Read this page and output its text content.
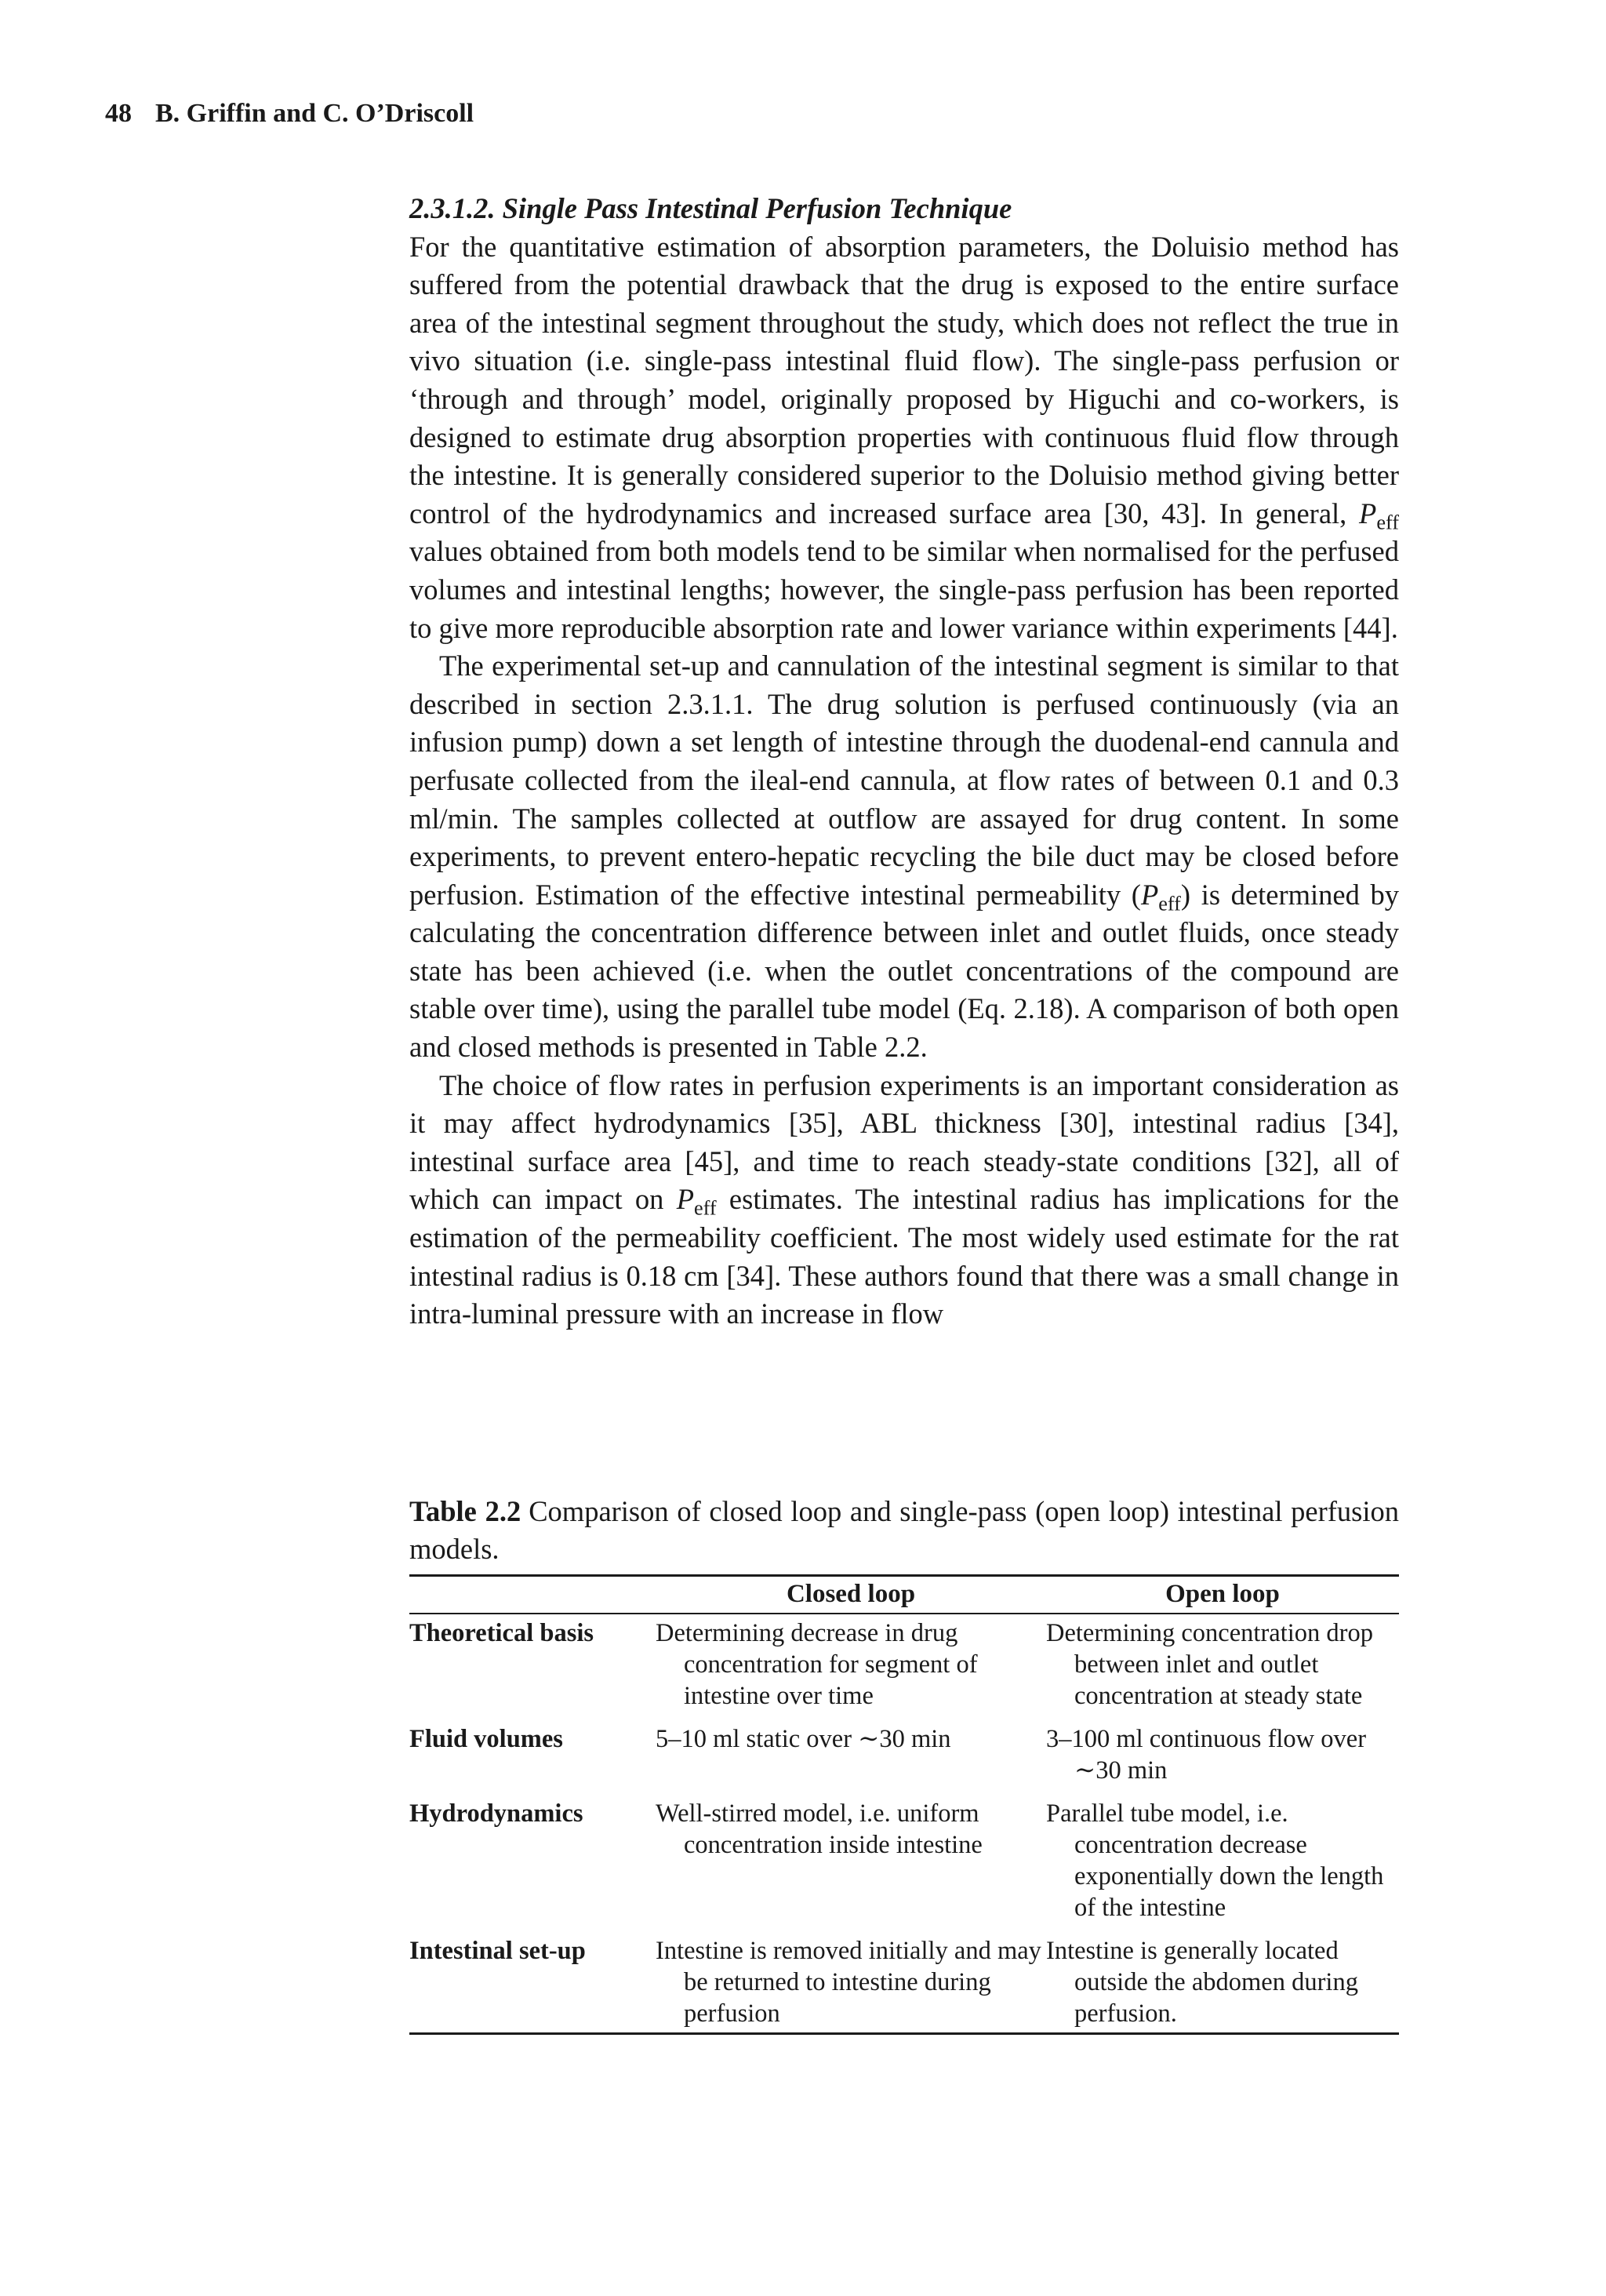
48 B. Griffin and C. O’Driscoll
2.3.1.2. Single Pass Intestinal Perfusion Technique

For the quantitative estimation of absorption parameters, the Doluisio method has suffered from the potential drawback that the drug is exposed to the entire surface area of the intestinal segment throughout the study, which does not reflect the true in vivo situation (i.e. single-pass intestinal fluid flow). The single-pass perfusion or ‘through and through’ model, originally proposed by Higuchi and co-workers, is designed to estimate drug absorption properties with continuous fluid flow through the intestine. It is generally considered superior to the Doluisio method giving better control of the hydrodynamics and increased surface area [30, 43]. In general, $P_{eff}$ values obtained from both models tend to be similar when normalised for the perfused volumes and intestinal lengths; however, the single-pass perfusion has been reported to give more reproducible absorption rate and lower variance within experiments [44].

The experimental set-up and cannulation of the intestinal segment is similar to that described in section 2.3.1.1. The drug solution is perfused continuously (via an infusion pump) down a set length of intestine through the duodenal-end cannula and perfusate collected from the ileal-end cannula, at flow rates of between 0.1 and 0.3 ml/min. The samples collected at outflow are assayed for drug content. In some experiments, to prevent entero-hepatic recycling the bile duct may be closed before perfusion. Estimation of the effective intestinal permeability $(P_{eff})$ is determined by calculating the concentration difference between inlet and outlet fluids, once steady state has been achieved (i.e. when the outlet concentrations of the compound are stable over time), using the parallel tube model (Eq. 2.18). A comparison of both open and closed methods is presented in Table 2.2.

The choice of flow rates in perfusion experiments is an important consideration as it may affect hydrodynamics [35], ABL thickness [30], intestinal radius [34], intestinal surface area [45], and time to reach steady-state conditions [32], all of which can impact on $P_{eff}$ estimates. The intestinal radius has implications for the estimation of the permeability coefficient. The most widely used estimate for the rat intestinal radius is 0.18 cm [34]. These authors found that there was a small change in intra-luminal pressure with an increase in flow

Table 2.2 Comparison of closed loop and single-pass (open loop) intestinal perfusion models.
	Closed loop	Open loop
Theoretical basis	Determining decrease in drug concentration for segment of intestine over time	Determining concentration drop between inlet and outlet concentration at steady state

Fluid volumes	5–10 ml static over ∼30 min	3–100 ml continuous flow over ∼30 min

Hydrodynamics	Well-stirred model, i.e. uniform concentration inside intestine	Parallel tube model, i.e. concentration decrease exponentially down the length of the intestine

Intestinal set-up	Intestine is removed initially and may be returned to intestine during perfusion	Intestine is generally located outside the abdomen during perfusion.
